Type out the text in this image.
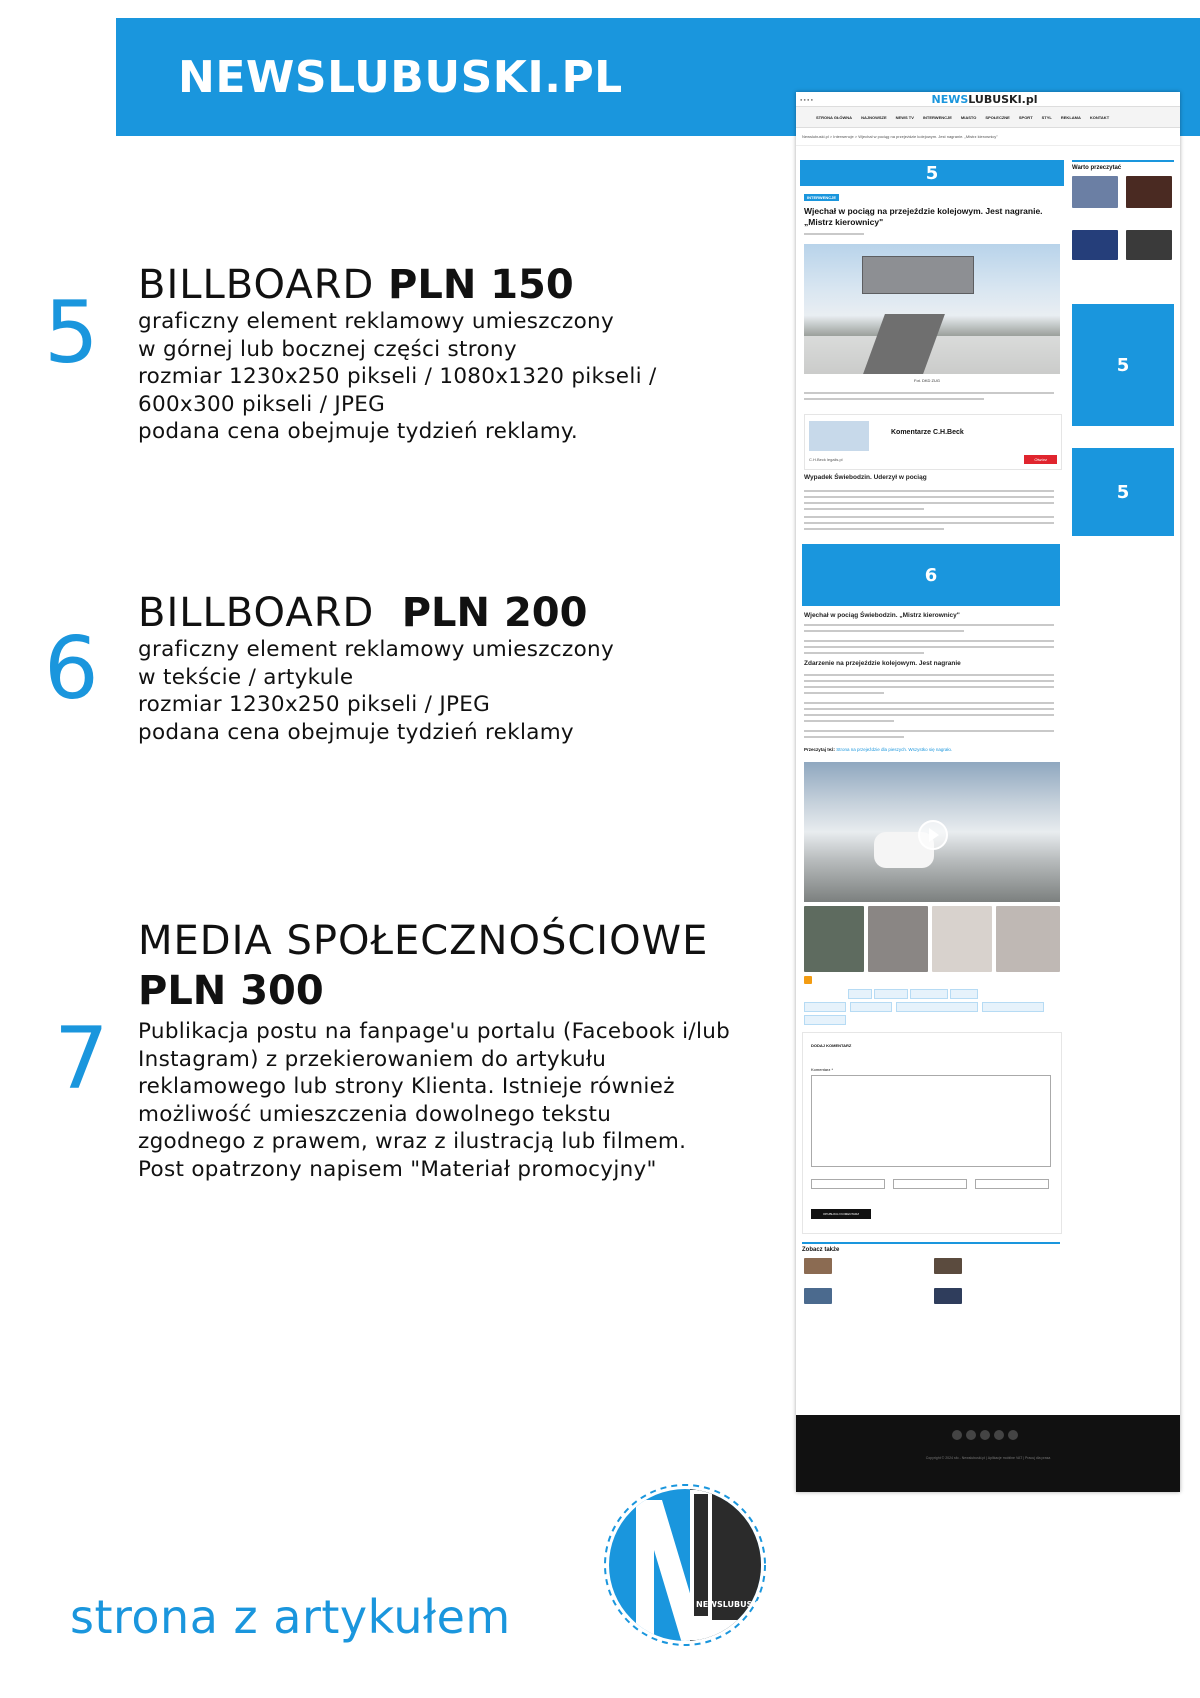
NEWSLUBUSKI.PL
5 BILLBOARD PLN 150
graficzny element reklamowy umieszczony
w górnej lub bocznej części strony
rozmiar 1230x250 pikseli / 1080x1320 pikseli /
600x300 pikseli / JPEG
podana cena obejmuje tydzień reklamy.
6
BILLBOARD PLN 200
graficzny element reklamowy umieszczony
w tekście / artykule
rozmiar 1230x250 pikseli / JPEG
podana cena obejmuje tydzień reklamy
7
MEDIA SPOŁECZNOŚCIOWE
PLN 300
Publikacja postu na fanpage'u portalu (Facebook i/lub
Instagram) z przekierowaniem do artykułu
reklamowego lub strony Klienta. Istnieje również
możliwość umieszczenia dowolnego tekstu
zgodnego z prawem, wraz z ilustracją lub filmem.
Post opatrzony napisem "Materiał promocyjny"
● ● ● ●	NEWSLUBUSKI.pl
STRONA GŁÓWNA NAJNOWSZE NEWS TV INTERWENCJE MIASTO SPOŁECZNE SPORT STYL REKLAMA KONTAKT
Newslubuski.pl > Interwencje > Wjechał w pociąg na przejeździe kolejowym. Jest nagranie. „Mistrz kierownicy"
5
INTERWENCJE
Wjechał w pociąg na przejeździe kolejowym. Jest nagranie. „Mistrz kierownicy"
Fot. DKD ZUG
Komentarze C.H.Beck
C.H.Beck legalis.pl	Otwórz
Wypadek Świebodzin. Uderzył w pociąg
6
Wjechał w pociąg Świebodzin. „Mistrz kierownicy"
Zdarzenie na przejeździe kolejowym. Jest nagranie
Przeczytaj też: Strona na przejeździe dla pieszych. Wszystko się nagrało.
DODAJ KOMENTARZ
Komentarz *
OPUBLIKUJ KOMENTARZ
Zobacz także
Warto przeczytać
5
5
Copyright © 2024 sfo - Newslubuski.pl | Aplikacje mobilne VAT | Pracuj dla prasa
strona z artykułem	NEWSLUBUSKI.PL
